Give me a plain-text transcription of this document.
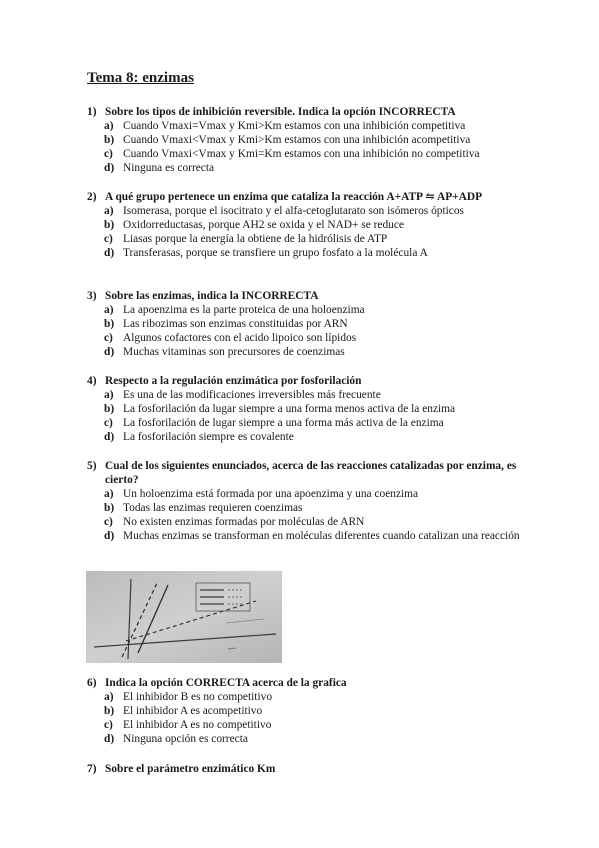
Tema 8: enzimas
1) Sobre los tipos de inhibición reversible. Indica la opción INCORRECTA
a) Cuando Vmaxi=Vmax y Kmi>Km estamos con una inhibición competitiva
b) Cuando Vmaxi<Vmax y Kmi>Km estamos con una inhibición acompetitiva
c) Cuando Vmaxi<Vmax y Kmi=Km estamos con una inhibición no competitiva
d) Ninguna es correcta
2) A qué grupo pertenece un enzima que cataliza la reacción A+ATP ⇋ AP+ADP
a) Isomerasa, porque el isocitrato y el alfa-cetoglutarato son isómeros ópticos
b) Oxidorreductasas, porque AH2 se oxida y el NAD+ se reduce
c) Liasas porque la energía la obtiene de la hidrólisis de ATP
d) Transferasas, porque se transfiere un grupo fosfato a la molécula A
3) Sobre las enzimas, indica la INCORRECTA
a) La apoenzima es la parte proteica de una holoenzima
b) Las ribozimas son enzimas constituidas por ARN
c) Algunos cofactores con el acido lipoico son lípidos
d) Muchas vitaminas son precursores de coenzimas
4) Respecto a la regulación enzimática por fosforilación
a) Es una de las modificaciones irreversibles más frecuente
b) La fosforilación da lugar siempre a una forma menos activa de la enzima
c) La fosforilación de lugar siempre a una forma más activa de la enzima
d) La fosforilación siempre es covalente
5) Cual de los siguientes enunciados, acerca de las reacciones catalizadas por enzima, es cierto?
a) Un holoenzima está formada por una apoenzima y una coenzima
b) Todas las enzimas requieren coenzimas
c) No existen enzimas formadas por moléculas de ARN
d) Muchas enzimas se transforman en moléculas diferentes cuando catalizan una reacción
6) Indica la opción CORRECTA acerca de la grafica
a) El inhibidor B es no competitivo
b) El inhibidor A es acompetitivo
c) El inhibidor A es no competitivo
d) Ninguna opción es correcta
7) Sobre el parámetro enzimático Km
